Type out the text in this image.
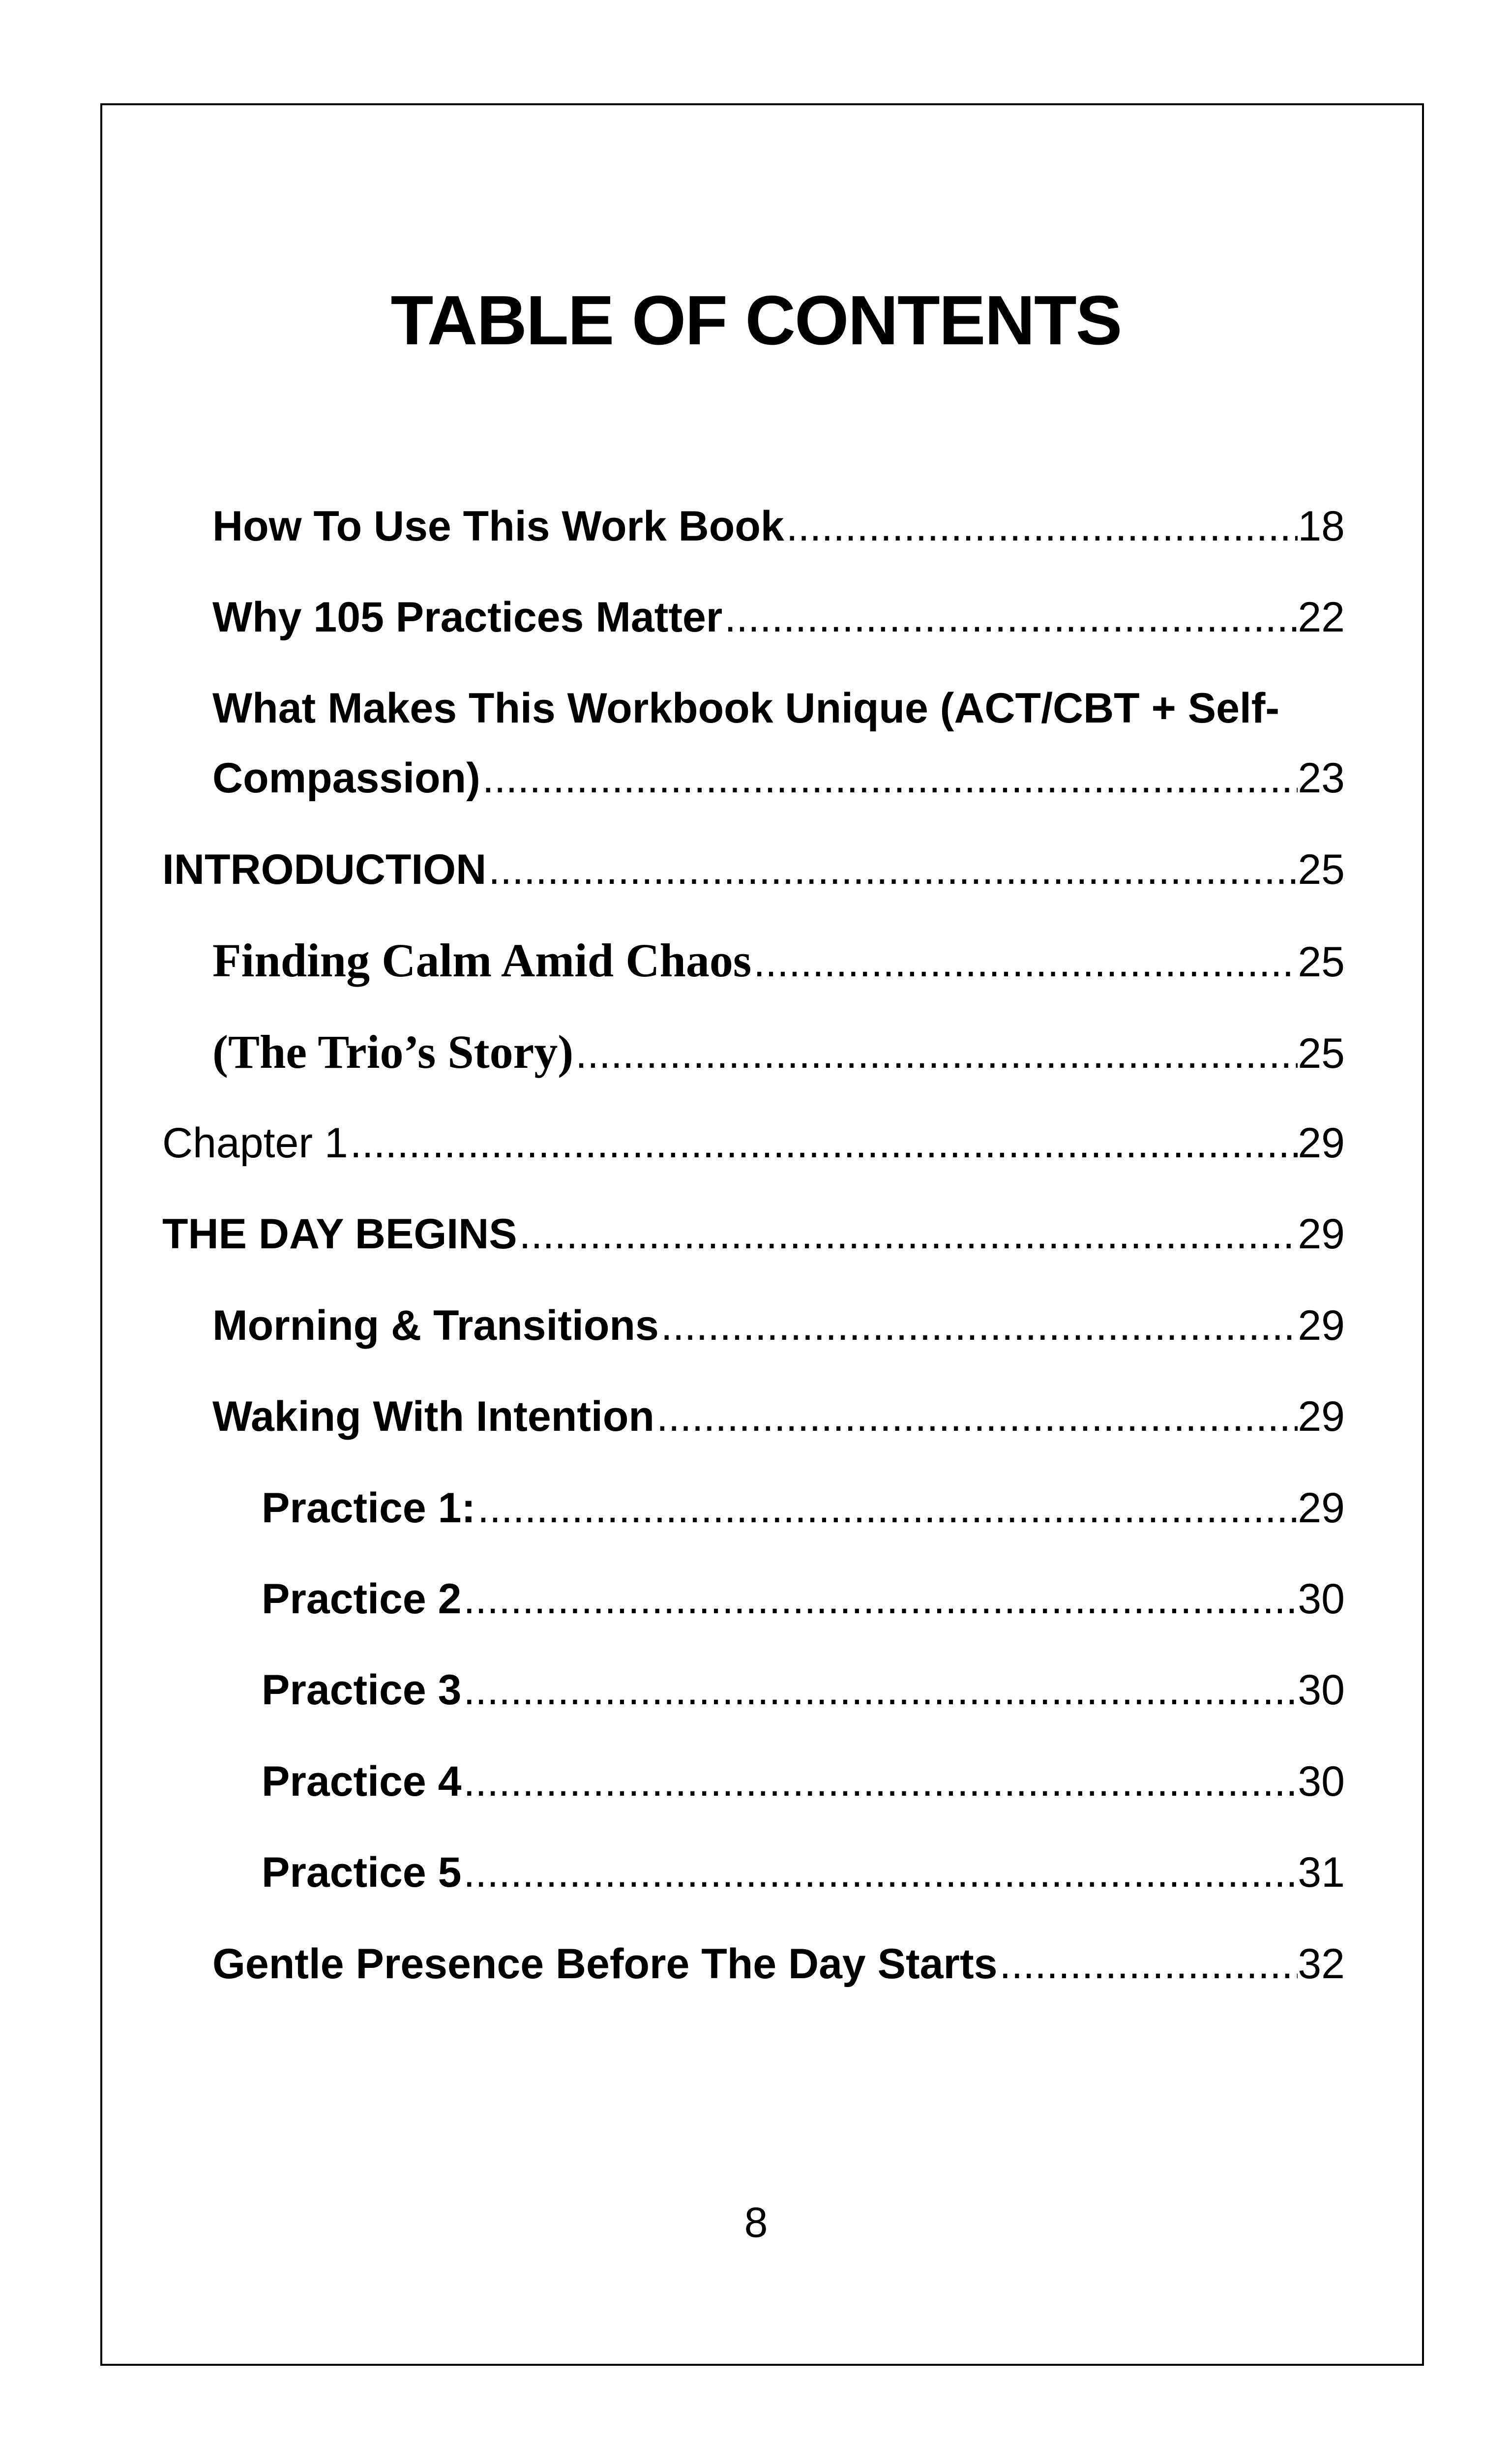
TABLE OF CONTENTS
How To Use This Work Book .....	18
Why 105 Practices Matter .....	22
What Makes This Workbook Unique (ACT/CBT + Self-
Compassion) .....	23
INTRODUCTION .....	25
Finding Calm Amid Chaos .....	25
(The Trio’s Story) .....	25
Chapter 1 .....	29
THE DAY BEGINS .....	29
Morning & Transitions .....	29
Waking With Intention .....	29
Practice 1: .....	29
Practice 2 .....	30
Practice 3 .....	30
Practice 4 .....	30
Practice 5 .....	31
Gentle Presence Before The Day Starts .....	32
8
